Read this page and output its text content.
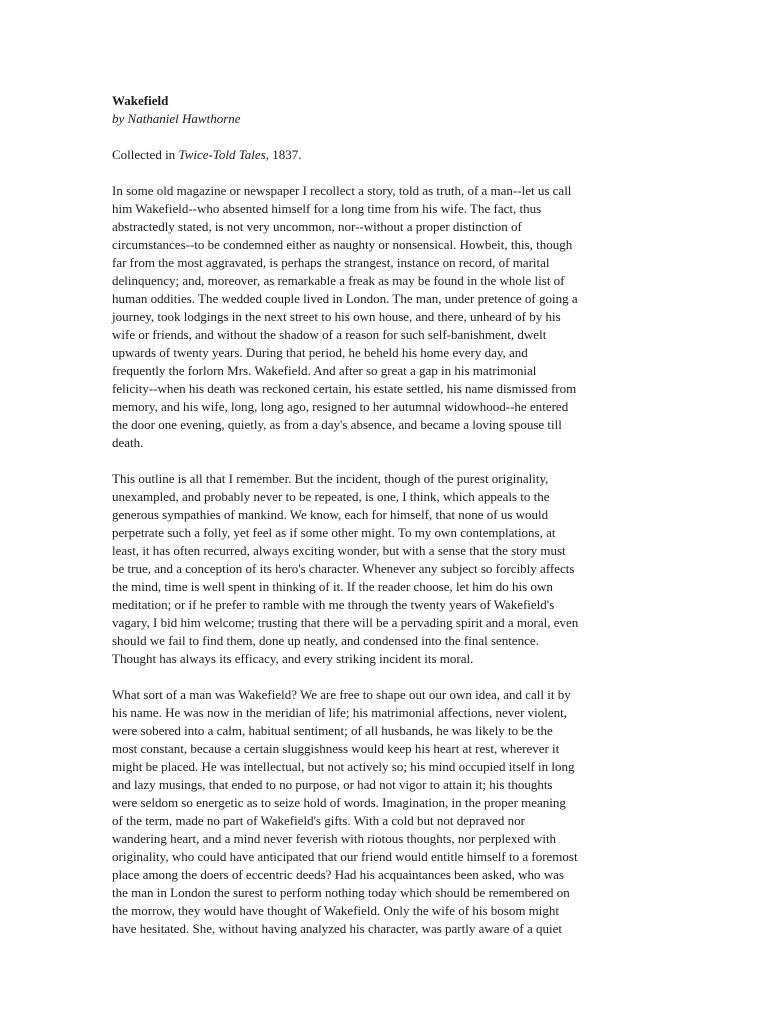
Wakefield

by Nathaniel Hawthorne

Collected in Twice-Told Tales, 1837.

In some old magazine or newspaper I recollect a story, told as truth, of a man--let us call
him Wakefield--who absented himself for a long time from his wife. The fact, thus
abstractedly stated, is not very uncommon, nor--without a proper distinction of
circumstances--to be condemned either as naughty or nonsensical. Howbeit, this, though
far from the most aggravated, is perhaps the strangest, instance on record, of marital
delinquency; and, moreover, as remarkable a freak as may be found in the whole list of
human oddities. The wedded couple lived in London. The man, under pretence of going a
journey, took lodgings in the next street to his own house, and there, unheard of by his
wife or friends, and without the shadow of a reason for such self-banishment, dwelt
upwards of twenty years. During that period, he beheld his home every day, and
frequently the forlorn Mrs. Wakefield. And after so great a gap in his matrimonial
felicity--when his death was reckoned certain, his estate settled, his name dismissed from
memory, and his wife, long, long ago, resigned to her autumnal widowhood--he entered
the door one evening, quietly, as from a day's absence, and became a loving spouse till
death.

This outline is all that I remember. But the incident, though of the purest originality,
unexampled, and probably never to be repeated, is one, I think, which appeals to the
generous sympathies of mankind. We know, each for himself, that none of us would
perpetrate such a folly, yet feel as if some other might. To my own contemplations, at
least, it has often recurred, always exciting wonder, but with a sense that the story must
be true, and a conception of its hero's character. Whenever any subject so forcibly affects
the mind, time is well spent in thinking of it. If the reader choose, let him do his own
meditation; or if he prefer to ramble with me through the twenty years of Wakefield's
vagary, I bid him welcome; trusting that there will be a pervading spirit and a moral, even
should we fail to find them, done up neatly, and condensed into the final sentence.
Thought has always its efficacy, and every striking incident its moral.

What sort of a man was Wakefield? We are free to shape out our own idea, and call it by
his name. He was now in the meridian of life; his matrimonial affections, never violent,
were sobered into a calm, habitual sentiment; of all husbands, he was likely to be the
most constant, because a certain sluggishness would keep his heart at rest, wherever it
might be placed. He was intellectual, but not actively so; his mind occupied itself in long
and lazy musings, that ended to no purpose, or had not vigor to attain it; his thoughts
were seldom so energetic as to seize hold of words. Imagination, in the proper meaning
of the term, made no part of Wakefield's gifts. With a cold but not depraved nor
wandering heart, and a mind never feverish with riotous thoughts, nor perplexed with
originality, who could have anticipated that our friend would entitle himself to a foremost
place among the doers of eccentric deeds? Had his acquaintances been asked, who was
the man in London the surest to perform nothing today which should be remembered on
the morrow, they would have thought of Wakefield. Only the wife of his bosom might
have hesitated. She, without having analyzed his character, was partly aware of a quiet
